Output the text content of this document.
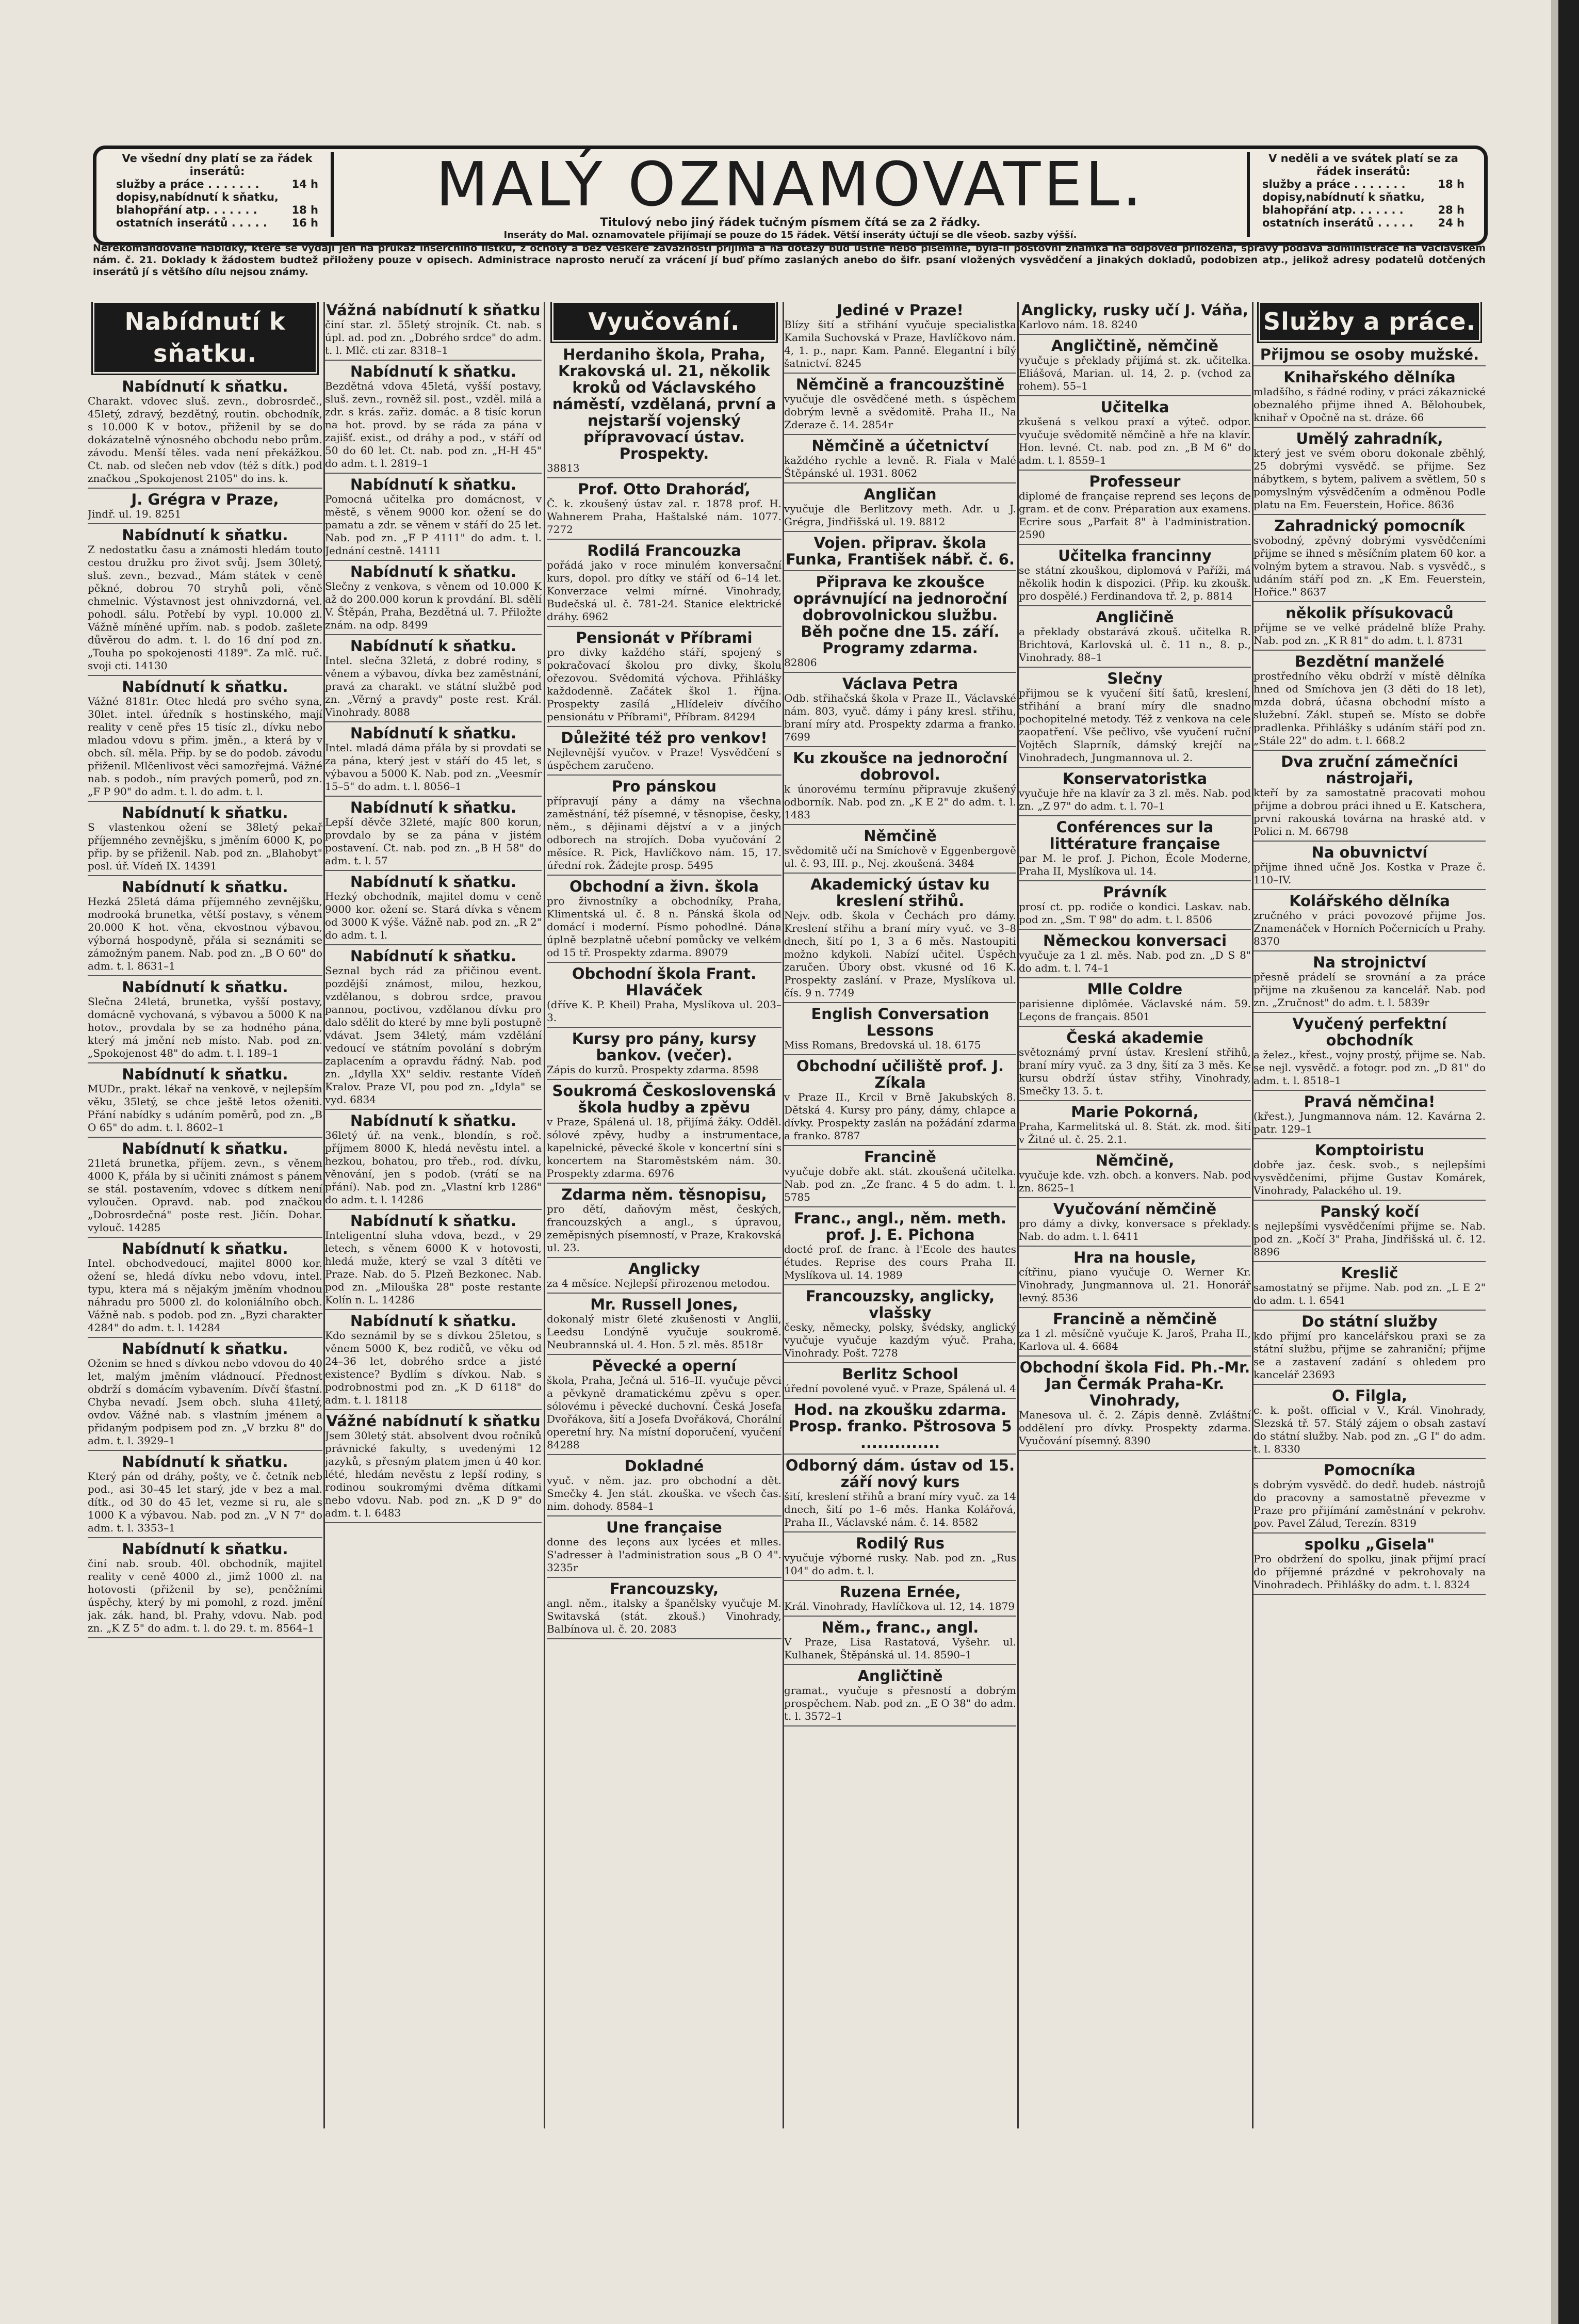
Ve všední dny platí se za řádek inserátů:
služby a práce . . . . . . .	14 h
dopisy,nabídnutí k sňatku,
blahopřání atp. . . . . . .	18 h
ostatních inserátů . . . . . 16 h
MALÝ OZNAMOVATEL.
Titulový nebo jiný řádek tučným písmem čítá se za 2 řádky.
Inseráty do Mal. oznamovatele přijímají se pouze do 15 řádek. Větší inseráty účtují se dle všeob. sazby výšší.
V neděli a ve svátek platí se za řádek inserátů:
služby a práce . . . . . . .	18 h
dopisy,nabídnutí k sňatku,
blahopřání atp. . . . . . .	28 h
ostatních inserátů . . . . . 24 h
Nerekomandované nabídky, které se vydají jen na průkaz inserčního lístku, z ochoty a bez veškeré závaznosti přijímá a na dotazy buď ústně nebo písemně, byla-li poštovní známka na odpověď přiložena, správy podává administrace na Václavském nám. č. 21. Doklady k žádostem budtež přiloženy pouze v opisech. Administrace naprosto neručí za vrácení jí buď přímo zaslaných anebo do šifr. psaní vložených vysvědčení a jinakých dokladů, podobizen atp., jelikož adresy podatelů dotčených inserátů jí s většího dílu nejsou známy.
Nabídnutí k sňatku.
Nabídnutí k sňatku.
Charakt. vdovec sluš. zevn., dobrosrdeč., 45letý, zdravý, bezdětný, routin. obchodník, s 10.000 K v botov., přiženil by se do dokázatelně výnosného obchodu nebo prům. závodu. Menší těles. vada není překážkou. Ct. nab. od slečen neb vdov (též s dítk.) pod značkou „Spokojenost 2105" do ins. k.
J. Grégra v Praze,
Jindř. ul. 19. 8251
Nabídnutí k sňatku.
Z nedostatku času a známosti hledám touto cestou družku pro život svůj. Jsem 30letý, sluš. zevn., bezvad., Mám státek v ceně pěkné, dobrou 70 stryhů poli, věně chmelnic. Výstavnost jest ohnivzdorná, vel. pohodl. sálu. Potřebí by vypl. 10.000 zl. Vážně míněné upřím. nab. s podob. zašlete důvěrou do adm. t. l. do 16 dní pod zn. „Touha po spokojenosti 4189". Za mlč. ruč. svoji cti. 14130
Nabídnutí k sňatku.
Vážné 8181r. Otec hledá pro svého syna, 30let. intel. úředník s hostinského, mají reality v ceně přes 15 tisíc zl., dívku nebo mladou vdovu s přim. jměn., a která by v obch. síl. měla. Přip. by se do podob. závodu přiženil. Mlčenlivost věci samozřejmá. Vážné nab. s podob., ním pravých pomerů, pod zn. „F P 90" do adm. t. l. do adm. t. l.
Nabídnutí k sňatku.
S vlastenkou ožení se 38letý pekař příjemného zevnějšku, s jměním 6000 K, po přip. by se přiženil. Nab. pod zn. „Blahobyt" posl. úř. Vídeň IX. 14391
Nabídnutí k sňatku.
Hezká 25letá dáma příjemného zevnějšku, modrooká brunetka, větší postavy, s věnem 20.000 K hot. věna, ekvostnou výbavou, výborná hospodyně, přála si seznámiti se zámožným panem. Nab. pod zn. „B O 60" do adm. t. l. 8631–1
Nabídnutí k sňatku.
Slečna 24letá, brunetka, vyšší postavy, domácně vychovaná, s výbavou a 5000 K na hotov., provdala by se za hodného pána, který má jmění neb místo. Nab. pod zn. „Spokojenost 48" do adm. t. l. 189–1
Nabídnutí k sňatku.
MUDr., prakt. lékař na venkově, v nejlepším věku, 35letý, se chce ještě letos oženiti. Přání nabídky s udáním poměrů, pod zn. „B O 65" do adm. t. l. 8602–1
Nabídnutí k sňatku.
21letá brunetka, příjem. zevn., s věnem 4000 K, přála by si učiniti známost s pánem se stál. postavením, vdovec s dítkem není vyloučen. Opravd. nab. pod značkou „Dobrosrdečná" poste rest. Jičín. Dohar. vylouč. 14285
Nabídnutí k sňatku.
Intel. obchodvedoucí, majitel 8000 kor. ožení se, hledá dívku nebo vdovu, intel. typu, ktera má s nějakým jměním vhodnou náhradu pro 5000 zl. do koloniálního obch. Vážně nab. s podob. pod zn. „Byzi charakter 4284" do adm. t. l. 14284
Nabídnutí k sňatku.
Oženim se hned s dívkou nebo vdovou do 40 let, malým jměním vládnoucí. Přednost obdrží s domácím vybavením. Dívčí šťastní. Chyba nevadí. Jsem obch. sluha 41letý, ovdov. Vážné nab. s vlastním jménem a přidaným podpisem pod zn. „V brzku 8" do adm. t. l. 3929–1
Nabídnutí k sňatku.
Který pán od dráhy, pošty, ve č. četník neb pod., asi 30–45 let starý, jde v bez a mal. dítk., od 30 do 45 let, vezme si ru, ale s 1000 K a výbavou. Nab. pod zn. „V N 7" do adm. t. l. 3353–1
Nabídnutí k sňatku.
činí nab. sroub. 40l. obchodník, majitel reality v ceně 4000 zl., jimž 1000 zl. na hotovosti (přiženil by se), peněžními úspěchy, který by mi pomohl, z rozd. jmění jak. zák. hand, bl. Prahy, vdovu. Nab. pod zn. „K Z 5" do adm. t. l. do 29. t. m. 8564–1
Vážná nabídnutí k sňatku
činí star. zl. 55letý strojník. Ct. nab. s úpl. ad. pod zn. „Dobrého srdce" do adm. t. l. Mlč. cti zar. 8318–1
Nabídnutí k sňatku.
Bezdětná vdova 45letá, vyšší postavy, sluš. zevn., rovněž sil. post., vzděl. milá a zdr. s krás. zařiz. domác. a 8 tisíc korun na hot. provd. by se ráda za pána v zajišť. exist., od dráhy a pod., v stáří od 50 do 60 let. Ct. nab. pod zn. „H-H 45" do adm. t. l. 2819–1
Nabídnutí k sňatku.
Pomocná učitelka pro domácnost, v městě, s věnem 9000 kor. ožení se do pamatu a zdr. se věnem v stáří do 25 let. Nab. pod zn. „F P 4111" do adm. t. l. Jednání cestně. 14111
Nabídnutí k sňatku.
Slečny z venkova, s věnem od 10.000 K až do 200.000 korun k provdání. Bl. sdělí V. Štěpán, Praha, Bezdětná ul. 7. Přiložte znám. na odp. 8499
Nabídnutí k sňatku.
Intel. slečna 32letá, z dobré rodiny, s věnem a výbavou, dívka bez zaměstnání, pravá za charakt. ve státní službě pod zn. „Věrný a pravdy" poste rest. Král. Vinohrady. 8088
Nabídnutí k sňatku.
Intel. mladá dáma přála by si provdati se za pána, který jest v stáří do 45 let, s výbavou a 5000 K. Nab. pod zn. „Veesmír 15–5" do adm. t. l. 8056–1
Nabídnutí k sňatku.
Lepší děvče 32leté, majíc 800 korun, provdalo by se za pána v jistém postavení. Ct. nab. pod zn. „B H 58" do adm. t. l. 57
Nabídnutí k sňatku.
Hezký obchodník, majitel domu v ceně 9000 kor. ožení se. Stará dívka s věnem od 3000 K výše. Vážně nab. pod zn. „R 2" do adm. t. l.
Nabídnutí k sňatku.
Seznal bych rád za přičinou event. pozdější známost, milou, hezkou, vzdělanou, s dobrou srdce, pravou pannou, poctivou, vzdělanou dívku pro dalo sdělit do které by mne byli postupně vdávat. Jsem 34letý, mám vzdělání vedoucí ve státním povolání s dobrým zaplacením a opravdu řádný. Nab. pod zn. „Idylla XX" seldiv. restante Vídeň Kralov. Praze VI, pou pod zn. „Idyla" se vyd. 6834
Nabídnutí k sňatku.
36letý úř. na venk., blondín, s roč. příjmem 8000 K, hledá nevěstu intel. a hezkou, bohatou, pro třeb., rod. dívku, věnování, jen s podob. (vrátí se na přání). Nab. pod zn. „Vlastní krb 1286" do adm. t. l. 14286
Nabídnutí k sňatku.
Inteligentní sluha vdova, bezd., v 29 letech, s věnem 6000 K v hotovosti, hledá muže, který se vzal 3 dítěti ve Praze. Nab. do 5. Plzeň Bezkonec. Nab. pod zn. „Milouška 28" poste restante Kolín n. L. 14286
Nabídnutí k sňatku.
Kdo seznámil by se s dívkou 25letou, s věnem 5000 K, bez rodičů, ve věku od 24–36 let, dobrého srdce a jisté existence? Bydlím s dívkou. Nab. s podrobnostmi pod zn. „K D 6118" do adm. t. l. 18118
Vážné nabídnutí k sňatku
Jsem 30letý stát. absolvent dvou ročníků právnické fakulty, s uvedenými 12 jazyků, s přesným platem jmen ú 40 kor. lété, hledám nevěstu z lepší rodiny, s rodinou soukromými dvěma dítkami nebo vdovu. Nab. pod zn. „K D 9" do adm. t. l. 6483
Vyučování.
Herdaniho škola, Praha, Krakovská ul. 21, několik kroků od Václavského náměstí, vzdělaná, první a nejstarší vojenský přípravovací ústav. Prospekty.
38813
Prof. Otto Drahoráď,
Č. k. zkoušený ústav zal. r. 1878 prof. H. Wahnerem Praha, Haštalské nám. 1077. 7272
Rodilá Francouzka
pořádá jako v roce minulém konversační kurs, dopol. pro dítky ve stáří od 6–14 let. Konverzace velmi mírné. Vinohrady, Budečská ul. č. 781-24. Stanice elektrické dráhy. 6962
Pensionát v Příbrami
pro divky každého stáří, spojený s pokračovací školou pro divky, školu ořezovou. Svědomitá výchova. Přihlášky každodenně. Začátek škol 1. října. Prospekty zasílá „Hlídeleiv dívčího pensionátu v Příbrami", Příbram. 84294
Důležité též pro venkov!
Nejlevnější vyučov. v Praze! Vysvědčení s úspěchem zaručeno.
Pro pánskou
přípravují pány a dámy na všechna zaměstnání, též písemné, v těsnopise, česky, něm., s dějinami dějství a v a jiných odborech na strojích. Doba vyučování 2 měsíce. R. Pick, Havlíčkovo nám. 15, 17. úřední rok. Žádejte prosp. 5495
Obchodní a živn. škola
pro živnostníky a obchodníky, Praha, Klimentská ul. č. 8 n. Pánská škola od domácí i moderní. Písmo pohodlné. Dána úplně bezplatně učební pomůcky ve velkém od 15 tř. Prospekty zdarma. 89079
Obchodní škola Frant. Hlaváček
(dříve K. P. Kheil) Praha, Myslíkova ul. 203–3.
Kursy pro pány, kursy bankov. (večer).
Zápis do kurzů. Prospekty zdarma. 8598
Soukromá Československá škola hudby a zpěvu
v Praze, Spálená ul. 18, přijímá žáky. Odděl. sólové zpěvy, hudby a instrumentace, kapelnické, pěvecké škole v koncertní síni s koncertem na Staroměstském nám. 30. Prospekty zdarma. 6976
Zdarma něm. těsnopisu,
pro dětí, daňovým měst, českých, francouzských a angl., s úpravou, zeměpisných písemností, v Praze, Krakovská ul. 23.
Anglicky
za 4 měsíce. Nejlepší přirozenou metodou.
Mr. Russell Jones,
dokonalý mistr 6leté zkušenosti v Anglii, Leedsu Londýně vyučuje soukromě. Neubrannská ul. 4. Hon. 5 zl. měs. 8518r
Pěvecké a operní
škola, Praha, Ječná ul. 516–II. vyučuje pěvci a pěvkyně dramatickému zpěvu s oper. sólovému i pěvecké duchovní. Česká Josefa Dvořákova, šití a Josefa Dvořáková, Chorální operetní hry. Na místní doporučení, vyučení 84288
Dokladné
vyuč. v něm. jaz. pro obchodní a dět. Smečky 4. Jen stát. zkouška. ve všech čas. nim. dohody. 8584–1
Une française
donne des leçons aux lycées et mlles. S'adresser à l'administration sous „B O 4". 3235r
Francouzsky,
angl. něm., italsky a španělsky vyučuje M. Switavská (stát. zkouš.) Vinohrady, Balbínova ul. č. 20. 2083
Jediné v Praze!
Blízy šití a střihání vyučuje specialistka Kamila Suchovská v Praze, Havlíčkovo nám. 4, 1. p., napr. Kam. Panně. Elegantní i bílý šatnictví. 8245
Němčině a francouzštině
vyučuje dle osvědčené meth. s úspěchem dobrým levně a svědomitě. Praha II., Na Zderaze č. 14. 2854r
Němčině a účetnictví
každého rychle a levně. R. Fiala v Malé Štěpánské ul. 1931. 8062
Angličan
vyučuje dle Berlitzovy meth. Adr. u J. Grégra, Jindřišská ul. 19. 8812
Vojen. připrav. škola Funka, František nábř. č. 6.
Připrava ke zkoušce oprávnující na jednoroční dobrovolnickou službu. Běh počne dne 15. září. Programy zdarma.
82806
Václava Petra
Odb. střihačská škola v Praze II., Václavské nám. 803, vyuč. dámy i pány kresl. střihu, braní míry atd. Prospekty zdarma a franko. 7699
Ku zkoušce na jednoroční dobrovol.
k únorovému termínu připravuje zkušený odborník. Nab. pod zn. „K E 2" do adm. t. l. 1483
Němčině
svědomitě učí na Smíchově v Eggenbergově ul. č. 93, III. p., Nej. zkoušená. 3484
Akademický ústav ku kreslení střihů.
Nejv. odb. škola v Čechách pro dámy. Kreslení střihu a braní míry vyuč. ve 3–8 dnech, šití po 1, 3 a 6 měs. Nastoupiti možno kdykoli. Nabízí učitel. Úspěch zaručen. Úbory obst. vkusné od 16 K. Prospekty zaslání. v Praze, Myslíkova ul. čís. 9 n. 7749
English Conversation Lessons
Miss Romans, Bredovská ul. 18. 6175
Obchodní učiliště prof. J. Zíkala
v Praze II., Krcil v Brně Jakubských 8. Dětská 4. Kursy pro pány, dámy, chlapce a dívky. Prospekty zaslán na požádání zdarma a franko. 8787
Francině
vyučuje dobře akt. stát. zkoušená učitelka. Nab. pod zn. „Ze franc. 4 5 do adm. t. l. 5785
Franc., angl., něm. meth. prof. J. E. Pichona
docté prof. de franc. à l'Ecole des hautes études. Reprise des cours Praha II. Myslíkova ul. 14. 1989
Francouzsky, anglicky, vlašsky
česky, německy, polsky, švédsky, anglický vyučuje vyučuje kazdým výuč. Praha, Vinohrady. Pošt. 7278
Berlitz School
úřední povolené vyuč. v Praze, Spálená ul. 4
Hod. na zkoušku zdarma. Prosp. franko. Pštrosova 5 ..............
Odborný dám. ústav od 15. září nový kurs
šití, kreslení střihů a braní míry vyuč. za 14 dnech, šití po 1–6 měs. Hanka Kolářová, Praha II., Václavské nám. č. 14. 8582
Rodilý Rus
vyučuje výborné rusky. Nab. pod zn. „Rus 104" do adm. t. l.
Ruzena Ernée,
Král. Vinohrady, Havlíčkova ul. 12, 14. 1879
Něm., franc., angl.
V Praze, Lisa Rastatová, Vyšehr. ul. Kulhanek, Štěpánská ul. 14. 8590–1
Angličtině
gramat., vyučuje s přesností a dobrým prospěchem. Nab. pod zn. „E O 38" do adm. t. l. 3572–1
Anglicky, rusky učí J. Váňa,
Karlovo nám. 18. 8240
Angličtině, němčině
vyučuje s překlady přijímá st. zk. učitelka. Eliášová, Marian. ul. 14, 2. p. (vchod za rohem). 55–1
Učitelka
zkušená s velkou praxí a výteč. odpor. vyučuje svědomitě němčině a hře na klavír. Hon. levné. Ct. nab. pod zn. „B M 6" do adm. t. l. 8559–1
Professeur
diplomé de française reprend ses leçons de gram. et de conv. Préparation aux examens. Ecrire sous „Parfait 8" à l'administration. 2590
Učitelka francinny
se státní zkouškou, diplomová v Paříži, má několik hodin k dispozici. (Přip. ku zkoušk. pro dospělé.) Ferdinandova tř. 2, p. 8814
Angličině
a překlady obstarává zkouš. učitelka R. Brichtová, Karlovská ul. č. 11 n., 8. p., Vinohrady. 88–1
Slečny
přijmou se k vyučení šití šatů, kreslení, střihání a braní míry dle snadno pochopitelné metody. Též z venkova na cele zaopatření. Vše pečlivo, vše vyučení ruční Vojtěch Slaprník, dámský krejčí na Vinohradech, Jungmannova ul. 2.
Konservatoristka
vyučuje hře na klavír za 3 zl. měs. Nab. pod zn. „Z 97" do adm. t. l. 70–1
Conférences sur la littérature française
par M. le prof. J. Pichon, École Moderne, Praha II, Myslíkova ul. 14.
Právník
prosí ct. pp. rodiče o kondici. Laskav. nab. pod zn. „Sm. T 98" do adm. t. l. 8506
Německou konversaci
vyučuje za 1 zl. měs. Nab. pod zn. „D S 8" do adm. t. l. 74–1
Mlle Coldre
parisienne diplômée. Václavské nám. 59. Leçons de français. 8501
Česká akademie
světoznámý první ústav. Kreslení střihů, braní míry vyuč. za 3 dny, šití za 3 měs. Ke kursu obdrží ústav střihy, Vinohrady, Smečky 13. 5. t.
Marie Pokorná,
Praha, Karmelitská ul. 8. Stát. zk. mod. šití v Žitné ul. č. 25. 2.1.
Němčině,
vyučuje kde. vzh. obch. a konvers. Nab. pod zn. 8625–1
Vyučování němčině
pro dámy a divky, konversace s překlady. Nab. do adm. t. l. 6411
Hra na housle,
cítřinu, piano vyučuje O. Werner Kr. Vinohrady, Jungmannova ul. 21. Honorář levný. 8536
Francině a němčině
za 1 zl. měsíčně vyučuje K. Jaroš, Praha II., Karlova ul. 4. 6684
Obchodní škola Fid. Ph.-Mr. Jan Čermák Praha-Kr. Vinohrady,
Manesova ul. č. 2. Zápis denně. Zvláštní oddělení pro dívky. Prospekty zdarma. Vyučování písemný. 8390
Služby a práce.
Přijmou se osoby mužské.
Knihařského dělníka
mladšího, s řádné rodiny, v práci zákaznické obeznalého přijme ihned A. Bělohoubek, knihař v Opočně na st. dráze. 66
Umělý zahradník,
který jest ve svém oboru dokonale zběhlý, 25 dobrými vysvědč. se přijme. Sez nábytkem, s bytem, palivem a světlem, 50 s pomyslným výsvědčením a odměnou Podle platu na Em. Feuerstein, Hořice. 8636
Zahradnický pomocník
svobodný, zpěvný dobrými vysvědčeními přijme se ihned s měsíčním platem 60 kor. a volným bytem a stravou. Nab. s vysvědč., s udáním stáří pod zn. „K Em. Feuerstein, Hořice." 8637
několik přísukovaců
přijme se ve velké prádelně blíže Prahy. Nab. pod zn. „K R 81" do adm. t. l. 8731
Bezdětní manželé
prostředního věku obdrží v místě dělníka hned od Smíchova jen (3 děti do 18 let), mzda dobrá, účasna obchodní místo a služební. Zákl. stupeň se. Místo se dobře pradlenka. Přihlášky s udáním stáří pod zn. „Stále 22" do adm. t. l. 668.2
Dva zruční zámečníci nástrojaři,
kteří by za samostatně pracovati mohou přijme a dobrou práci ihned u E. Katschera, první rakouská továrna na hraské atd. v Polici n. M. 66798
Na obuvnictví
přijme ihned učně Jos. Kostka v Praze č. 110–IV.
Kolářského dělníka
zručného v práci povozové přijme Jos. Znamenáček v Horních Počernicích u Prahy. 8370
Na strojnictví
přesně prádelí se srovnání a za práce přijme na zkušenou za kancelář. Nab. pod zn. „Zručnost" do adm. t. l. 5839r
Vyučený perfektní obchodník
a želez., křest., vojny prostý, přijme se. Nab. se nejl. vysvědč. a fotogr. pod zn. „D 81" do adm. t. l. 8518–1
Pravá němčina!
(křest.), Jungmannova nám. 12. Kavárna 2. patr. 129–1
Komptoiristu
dobře jaz. česk. svob., s nejlepšími vysvědčeními, přijme Gustav Komárek, Vinohrady, Palackého ul. 19.
Panský kočí
s nejlepšími vysvědčeními přijme se. Nab. pod zn. „Kočí 3" Praha, Jindřišská ul. č. 12. 8896
Kreslič
samostatný se přijme. Nab. pod zn. „L E 2" do adm. t. l. 6541
Do státní služby
kdo přijmí pro kancelářskou praxi se za státní službu, přijme se zahraniční; přijme se a zastavení zadání s ohledem pro kancelář 23693
O. Filgla,
c. k. pošt. official v V., Král. Vinohrady, Slezská tř. 57. Stálý zájem o obsah zastaví do státní služby. Nab. pod zn. „G I" do adm. t. l. 8330
Pomocníka
s dobrým vysvědč. do dedř. hudeb. nástrojů do pracovny a samostatně převezme v Praze pro přijímání zaměstnání v pekrohv. pov. Pavel Zálud, Terezín. 8319
spolku „Gisela"
Pro obdržení do spolku, jinak přijmí prací do příjemné prázdné v pekrohovaly na Vinohradech. Přihlášky do adm. t. l. 8324
